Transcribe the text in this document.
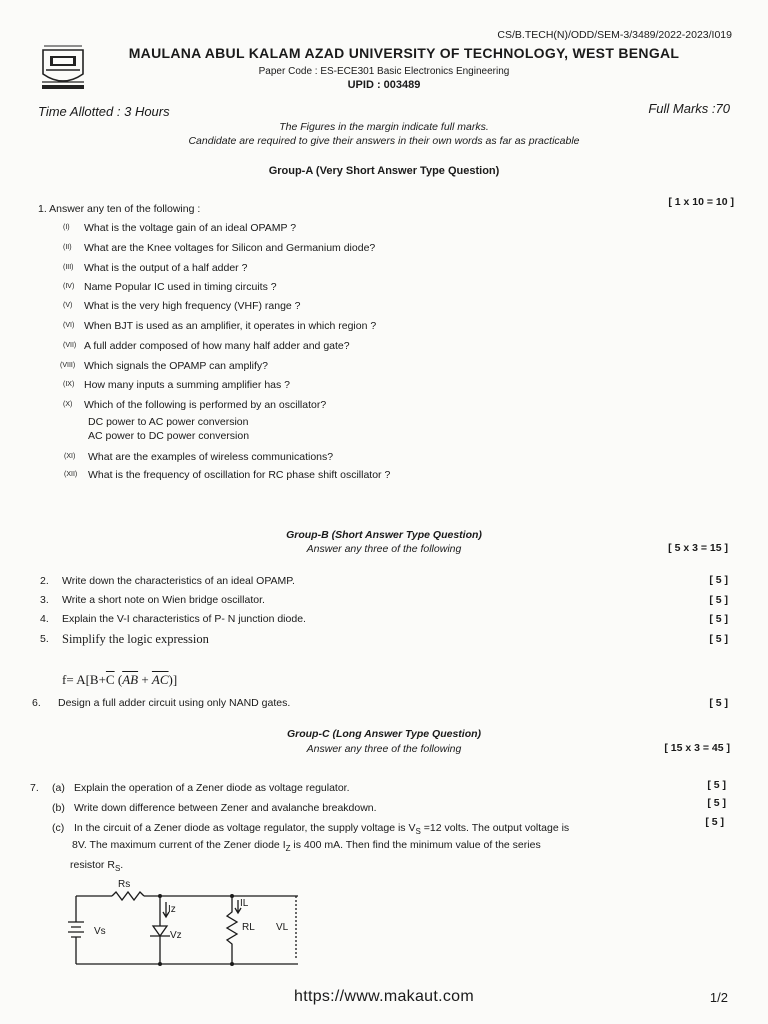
CS/B.TECH(N)/ODD/SEM-3/3489/2022-2023/I019
MAULANA ABUL KALAM AZAD UNIVERSITY OF TECHNOLOGY, WEST BENGAL
Paper Code : ES-ECE301 Basic Electronics Engineering
UPID : 003489
Time Allotted : 3 Hours	Full Marks :70
The Figures in the margin indicate full marks.
Candidate are required to give their answers in their own words as far as practicable
Group-A (Very Short Answer Type Question)
1. Answer any ten of the following :
[ 1 x 10 = 10 ]
(I) What is the voltage gain of an ideal OPAMP ?
(II) What are the Knee voltages for Silicon and Germanium diode?
(III) What is the output of a half adder ?
(IV) Name Popular IC used in timing circuits ?
(V) What is the very high frequency (VHF) range ?
(VI) When BJT is used as an amplifier, it operates in which region ?
(VII) A full adder composed of how many half adder and gate?
(VIII) Which signals the OPAMP can amplify?
(IX) How many inputs a summing amplifier has ?
(X) Which of the following is performed by an oscillator?
(XI) What are the examples of wireless communications?
(XII) What is the frequency of oscillation for RC phase shift oscillator ?
DC power to AC power conversion
AC power to DC power conversion
Group-B (Short Answer Type Question)
Answer any three of the following	[ 5 x 3 = 15 ]
2. Write down the characteristics of an ideal OPAMP.	[ 5 ]
3. Write a short note on Wien bridge oscillator.	[ 5 ]
4. Explain the V-I characteristics of P- N junction diode.	[ 5 ]
5. Simplify the logic expression	[ 5 ]
$f= A[B+\overline{C}$ $(\overline{AB} + \overline{AC})$]
6. Design a full adder circuit using only NAND gates.	[ 5 ]
Group-C (Long Answer Type Question)
Answer any three of the following	[ 15 x 3 = 45 ]
7. (a) Explain the operation of a Zener diode as voltage regulator.	[ 5 ]
(b) Write down difference between Zener and avalanche breakdown.	[ 5 ]
(c) In the circuit of a Zener diode as voltage regulator, the supply voltage is $V_S =12$ volts. The output voltage is	[ 5 ]
8V. The maximum current of the Zener diode $I_Z$ is 400 mA. Then find the minimum value of the series
resistor $R_S$.
Rs
Vs
Iz
Vz
IL
RL VL
https://www.makaut.com	1/2
